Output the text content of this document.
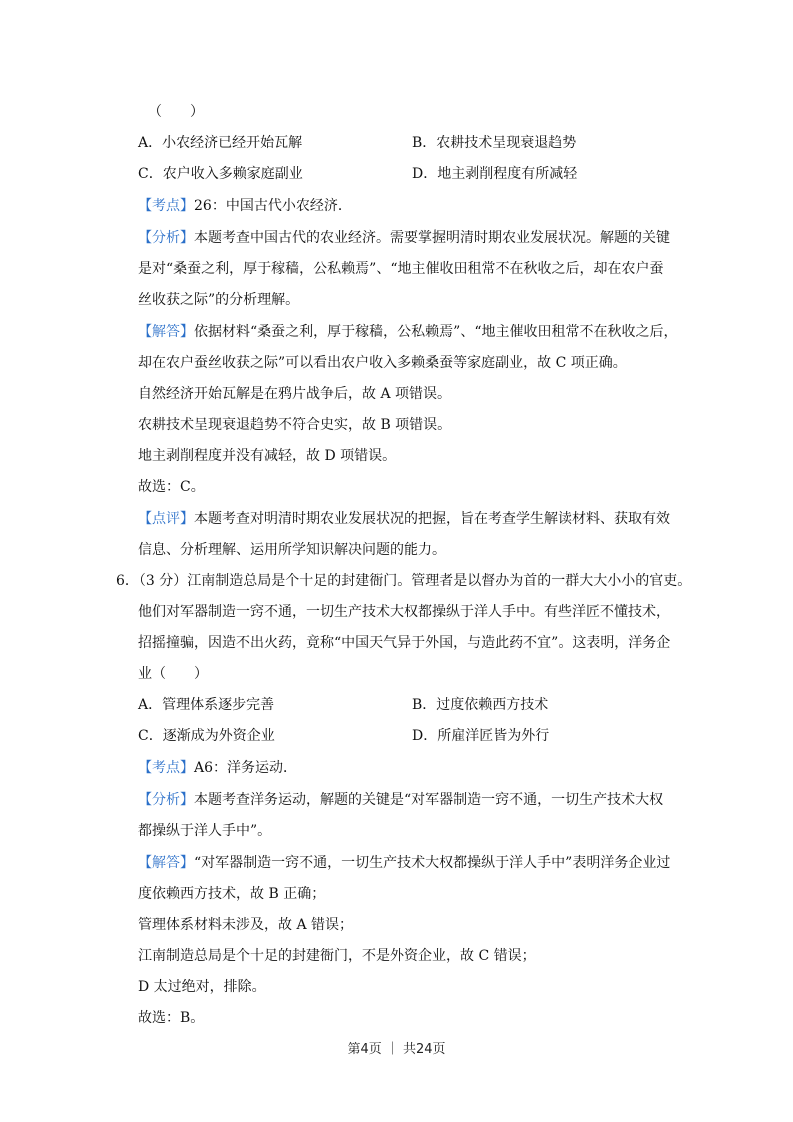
（　　）
A．小农经济已经开始瓦解	B．农耕技术呈现衰退趋势
C．农户收入多赖家庭副业	D．地主剥削程度有所减轻
【考点】26：中国古代小农经济．
【分析】本题考查中国古代的农业经济。需要掌握明清时期农业发展状况。解题的关键
是对“桑蚕之利，厚于稼穑，公私赖焉”、“地主催收田租常不在秋收之后，却在农户蚕
丝收获之际”的分析理解。
【解答】依据材料“桑蚕之利，厚于稼穑，公私赖焉”、“地主催收田租常不在秋收之后，
却在农户蚕丝收获之际”可以看出农户收入多赖桑蚕等家庭副业，故 C 项正确。
自然经济开始瓦解是在鸦片战争后，故 A 项错误。
农耕技术呈现衰退趋势不符合史实，故 B 项错误。
地主剥削程度并没有减轻，故 D 项错误。
故选：C。
【点评】本题考查对明清时期农业发展状况的把握，旨在考查学生解读材料、获取有效
信息、分析理解、运用所学知识解决问题的能力。
6．（3 分）江南制造总局是个十足的封建衙门。管理者是以督办为首的一群大大小小的官吏。
他们对军器制造一窍不通，一切生产技术大权都操纵于洋人手中。有些洋匠不懂技术，
招摇撞骗，因造不出火药，竟称“中国天气异于外国，与造此药不宜”。这表明，洋务企
业（　　）
A．管理体系逐步完善	B．过度依赖西方技术
C．逐渐成为外资企业	D．所雇洋匠皆为外行
【考点】A6：洋务运动．
【分析】本题考查洋务运动，解题的关键是“对军器制造一窍不通，一切生产技术大权
都操纵于洋人手中”。
【解答】“对军器制造一窍不通，一切生产技术大权都操纵于洋人手中”表明洋务企业过
度依赖西方技术，故 B 正确；
管理体系材料未涉及，故 A 错误；
江南制造总局是个十足的封建衙门，不是外资企业，故 C 错误；
D 太过绝对，排除。
故选：B。
第4页 ｜ 共24页
